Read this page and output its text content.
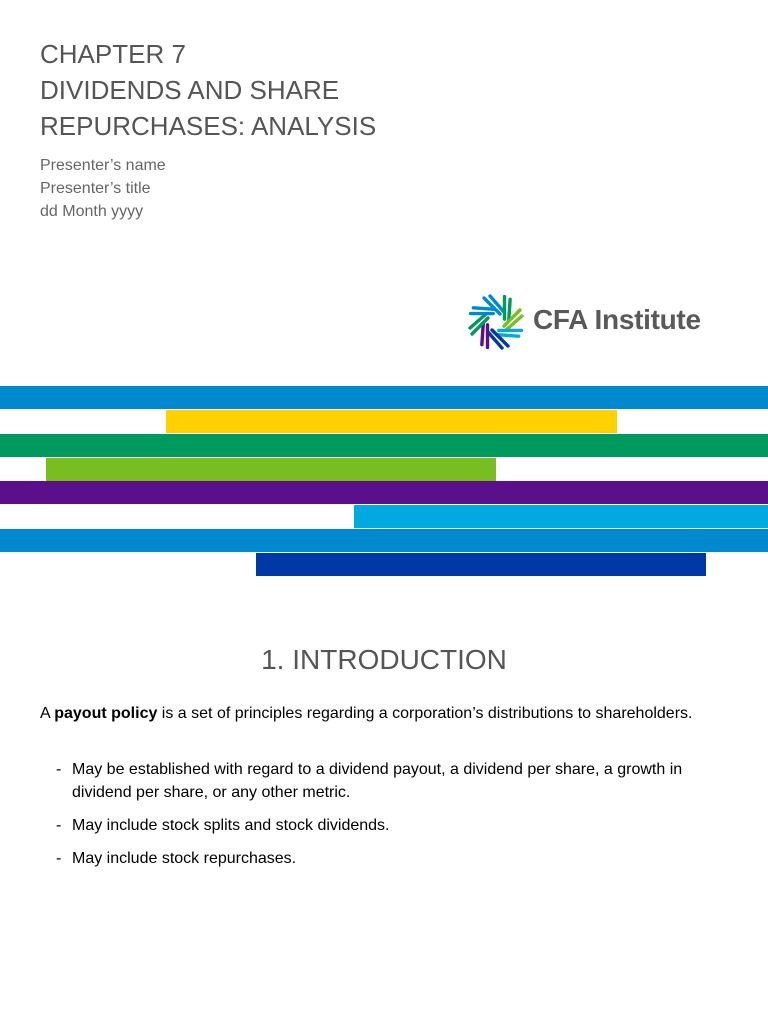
CHAPTER 7
DIVIDENDS AND SHARE
REPURCHASES: ANALYSIS
Presenter’s name
Presenter’s title
dd Month yyyy
CFA Institute
1. INTRODUCTION

A payout policy is a set of principles regarding a corporation’s distributions to shareholders.

- May be established with regard to a dividend payout, a dividend per share, a growth in dividend per share, or any other metric.
- May include stock splits and stock dividends.
- May include stock repurchases.
